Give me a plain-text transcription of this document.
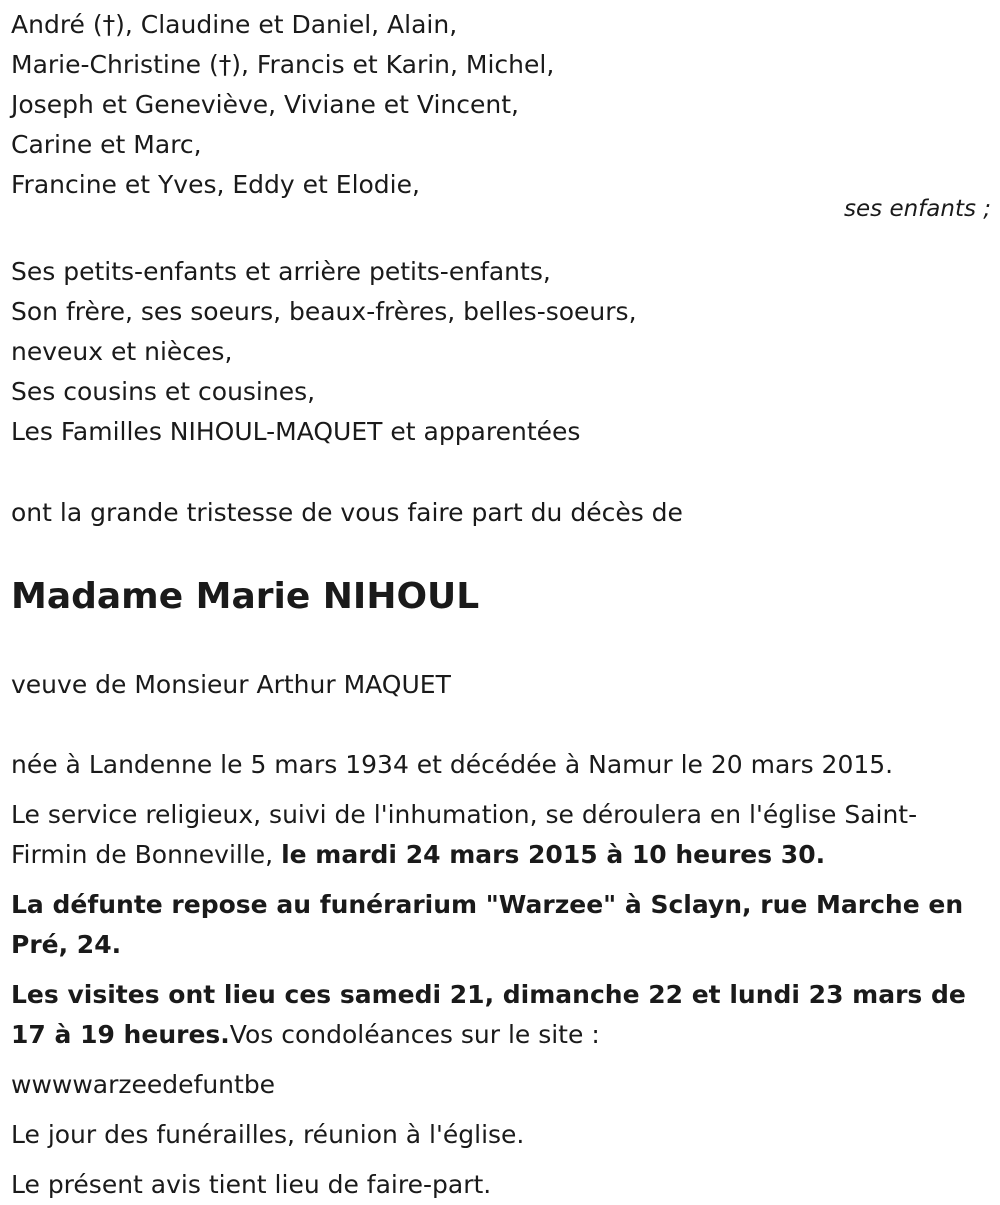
André (†), Claudine et Daniel, Alain,
Marie-Christine (†), Francis et Karin, Michel,
Joseph et Geneviève, Viviane et Vincent,
Carine et Marc,
Francine et Yves, Eddy et Elodie,
Ses petits-enfants et arrière petits-enfants,
Son frère, ses soeurs, beaux-frères, belles-soeurs,
neveux et nièces,
Ses cousins et cousines,
Les Familles NIHOUL-MAQUET et apparentées
ont la grande tristesse de vous faire part du décès de
Madame Marie NIHOUL
veuve de Monsieur Arthur MAQUET
née à Landenne le 5 mars 1934 et décédée à Namur le 20 mars 2015.
Le service religieux, suivi de l'inhumation, se déroulera en l'église Saint-Firmin de Bonneville, le mardi 24 mars 2015 à 10 heures 30.
La défunte repose au funérarium "Warzee" à Sclayn, rue Marche en Pré, 24.
Les visites ont lieu ces samedi 21, dimanche 22 et lundi 23 mars de 17 à 19 heures.Vos condoléances sur le site :
wwwwarzeedefuntbe
Le jour des funérailles, réunion à l'église.
Le présent avis tient lieu de faire-part.
ses enfants ;
